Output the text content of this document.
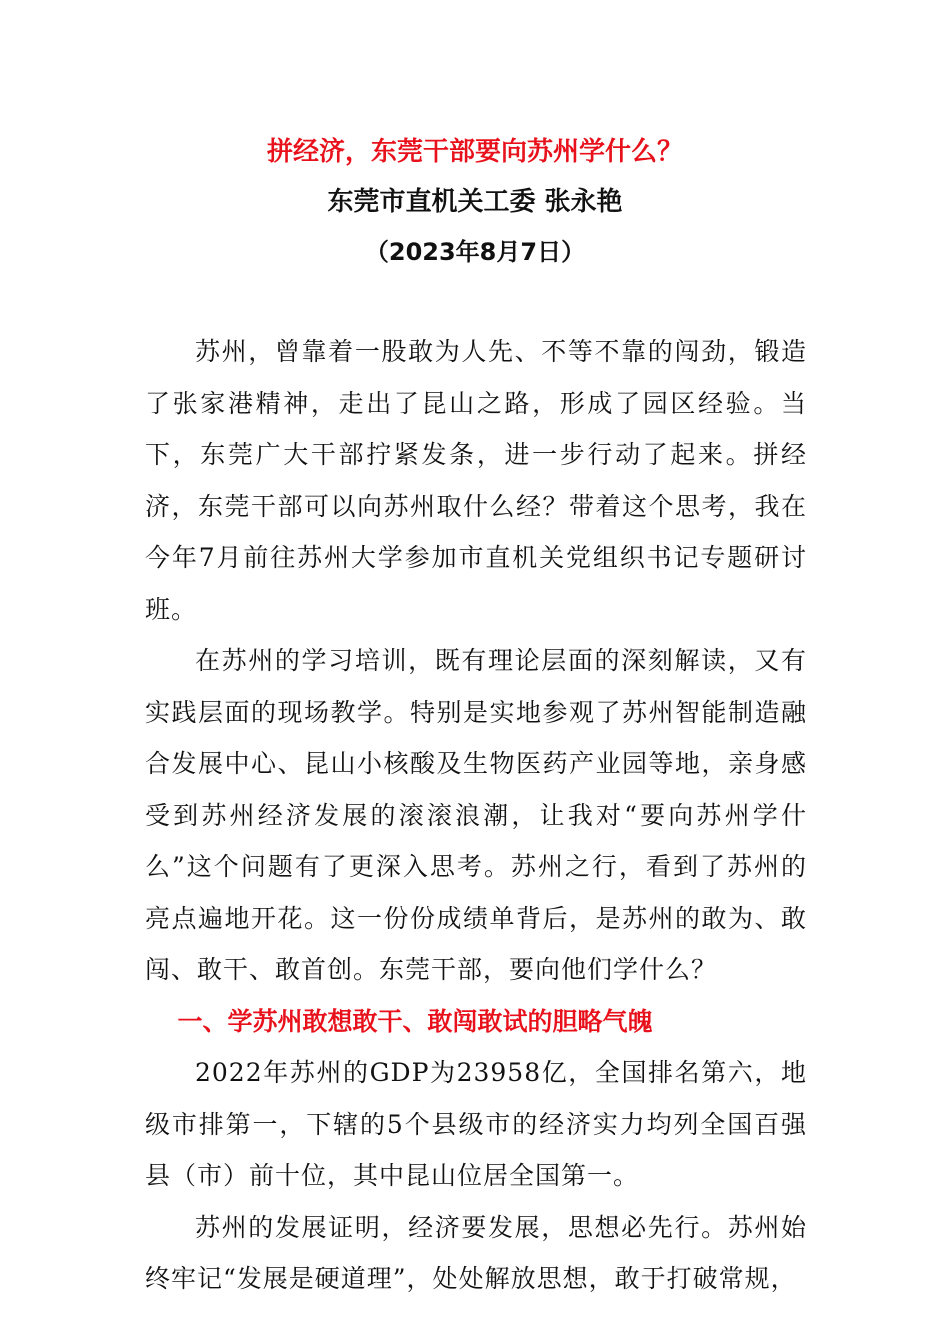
拼经济，东莞干部要向苏州学什么？
东莞市直机关工委 张永艳
（2023年8月7日）

苏州，曾靠着一股敢为人先、不等不靠的闯劲，锻造了张家港精神，走出了昆山之路，形成了园区经验。当下，东莞广大干部拧紧发条，进一步行动了起来。拼经济，东莞干部可以向苏州取什么经？带着这个思考，我在今年7月前往苏州大学参加市直机关党组织书记专题研讨班。

在苏州的学习培训，既有理论层面的深刻解读，又有实践层面的现场教学。特别是实地参观了苏州智能制造融合发展中心、昆山小核酸及生物医药产业园等地，亲身感受到苏州经济发展的滚滚浪潮，让我对“要向苏州学什么”这个问题有了更深入思考。苏州之行，看到了苏州的亮点遍地开花。这一份份成绩单背后，是苏州的敢为、敢闯、敢干、敢首创。东莞干部，要向他们学什么？

一、学苏州敢想敢干、敢闯敢试的胆略气魄

2022年苏州的GDP为23958亿，全国排名第六，地级市排第一，下辖的5个县级市的经济实力均列全国百强县（市）前十位，其中昆山位居全国第一。

苏州的发展证明，经济要发展，思想必先行。苏州始终牢记“发展是硬道理”，处处解放思想，敢于打破常规，
